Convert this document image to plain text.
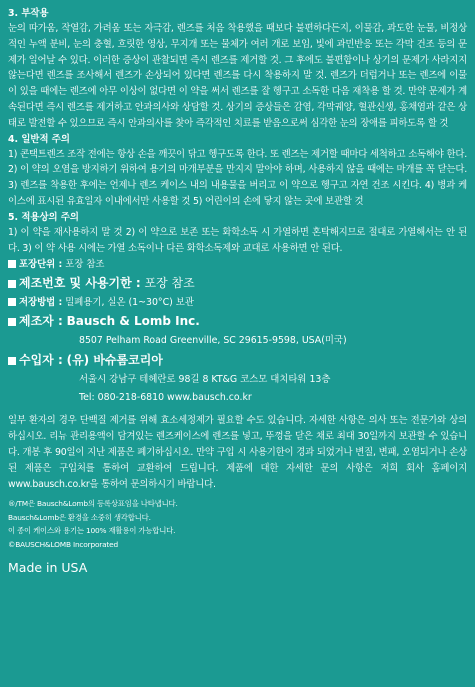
3. 부작용

눈의 따가움, 작열감, 가려움 또는 자극감, 렌즈를 처음 착용했을 때보다 불편하다든지, 이물감, 과도한 눈물, 비정상적인 누액 분비, 눈의 충혈, 흐릿한 영상, 무지개 또는 물체가 여러 개로 보임, 빛에 과민반응 또는 각막 건조 등의 문제가 일어날 수 있다. 이러한 증상이 관찰되면 즉시 렌즈를 제거할 것. 그 후에도 불편함이나 상기의 문제가 사라지지 않는다면 렌즈를 조사해서 렌즈가 손상되어 있다면 렌즈를 다시 착용하지 말 것. 렌즈가 더럽거나 또는 렌즈에 이물이 있을 때에는 렌즈에 아무 이상이 없다면 이 약을 써서 렌즈를 잘 헹구고 소독한 다음 재착용 할 것. 만약 문제가 계속된다면 즉시 렌즈를 제거하고 안과의사와 상담할 것. 상기의 증상들은 감염, 각막궤양, 혈관신생, 홍채염과 같은 상태로 발전할 수 있으므로 즉시 안과의사를 찾아 즉각적인 치료를 받음으로써 심각한 눈의 장애를 피하도록 할 것

4. 일반적 주의

1) 콘택트렌즈 조작 전에는 항상 손을 깨끗이 닦고 헹구도록 한다. 또 렌즈는 제거할 때마다 세척하고 소독해야 한다. 2) 이 약의 오염을 방지하기 위하여 용기의 마개부분을 만지지 말아야 하며, 사용하지 않을 때에는 마개를 꼭 닫는다. 3) 렌즈를 착용한 후에는 언제나 렌즈 케이스 내의 내용물을 버리고 이 약으로 헹구고 자연 건조 시킨다. 4) 병과 케이스에 표시된 유효일자 이내에서만 사용할 것 5) 어린이의 손에 닿지 않는 곳에 보관할 것

5. 적용상의 주의

1) 이 약을 재사용하지 말 것 2) 이 약으로 보존 또는 화학소독 시 가열하면 혼탁해지므로 절대로 가열해서는 안 된다. 3) 이 약 사용 시에는 가열 소독이나 다른 화학소독제와 교대로 사용하면 안 된다.

포장단위 : 포장 참조

제조번호 및 사용기한 : 포장 참조

저장방법 : 밀폐용기, 실온 (1~30°C) 보관

제조자 : Bausch & Lomb Inc.

8507 Pelham Road Greenville, SC 29615-9598, USA(미국)

수입자 : (유) 바슈롬코리아

서울시 강남구 테헤란로 98길 8 KT&G 코스모 대치타워 13층

Tel: 080-218-6810 www.bausch.co.kr

일부 환자의 경우 단백질 제거를 위해 효소세정제가 필요할 수도 있습니다. 자세한 사항은 의사 또는 전문가와 상의하십시오. 리뉴 관리용액이 담겨있는 렌즈케이스에 렌즈를 넣고, 뚜껑을 닫은 채로 최대 30일까지 보관할 수 있습니다. 개봉 후 90일이 지난 제품은 폐기하십시오. 만약 구입 시 사용기한이 경과 되었거나 변질, 변패, 오염되거나 손상된 제품은 구입처를 통하여 교환하여 드립니다. 제품에 대한 자세한 문의 사항은 저희 회사 홈페이지 www.bausch.co.kr을 통하여 문의하시기 바랍니다.

®/TM은 Bausch&Lomb의 등록상표임을 나타냅니다.

Bausch&Lomb은 환경을 소중히 생각합니다.

이 종이 케이스와 용기는 100% 재활용이 가능합니다.

©BAUSCH&LOMB Incorporated

Made in USA
